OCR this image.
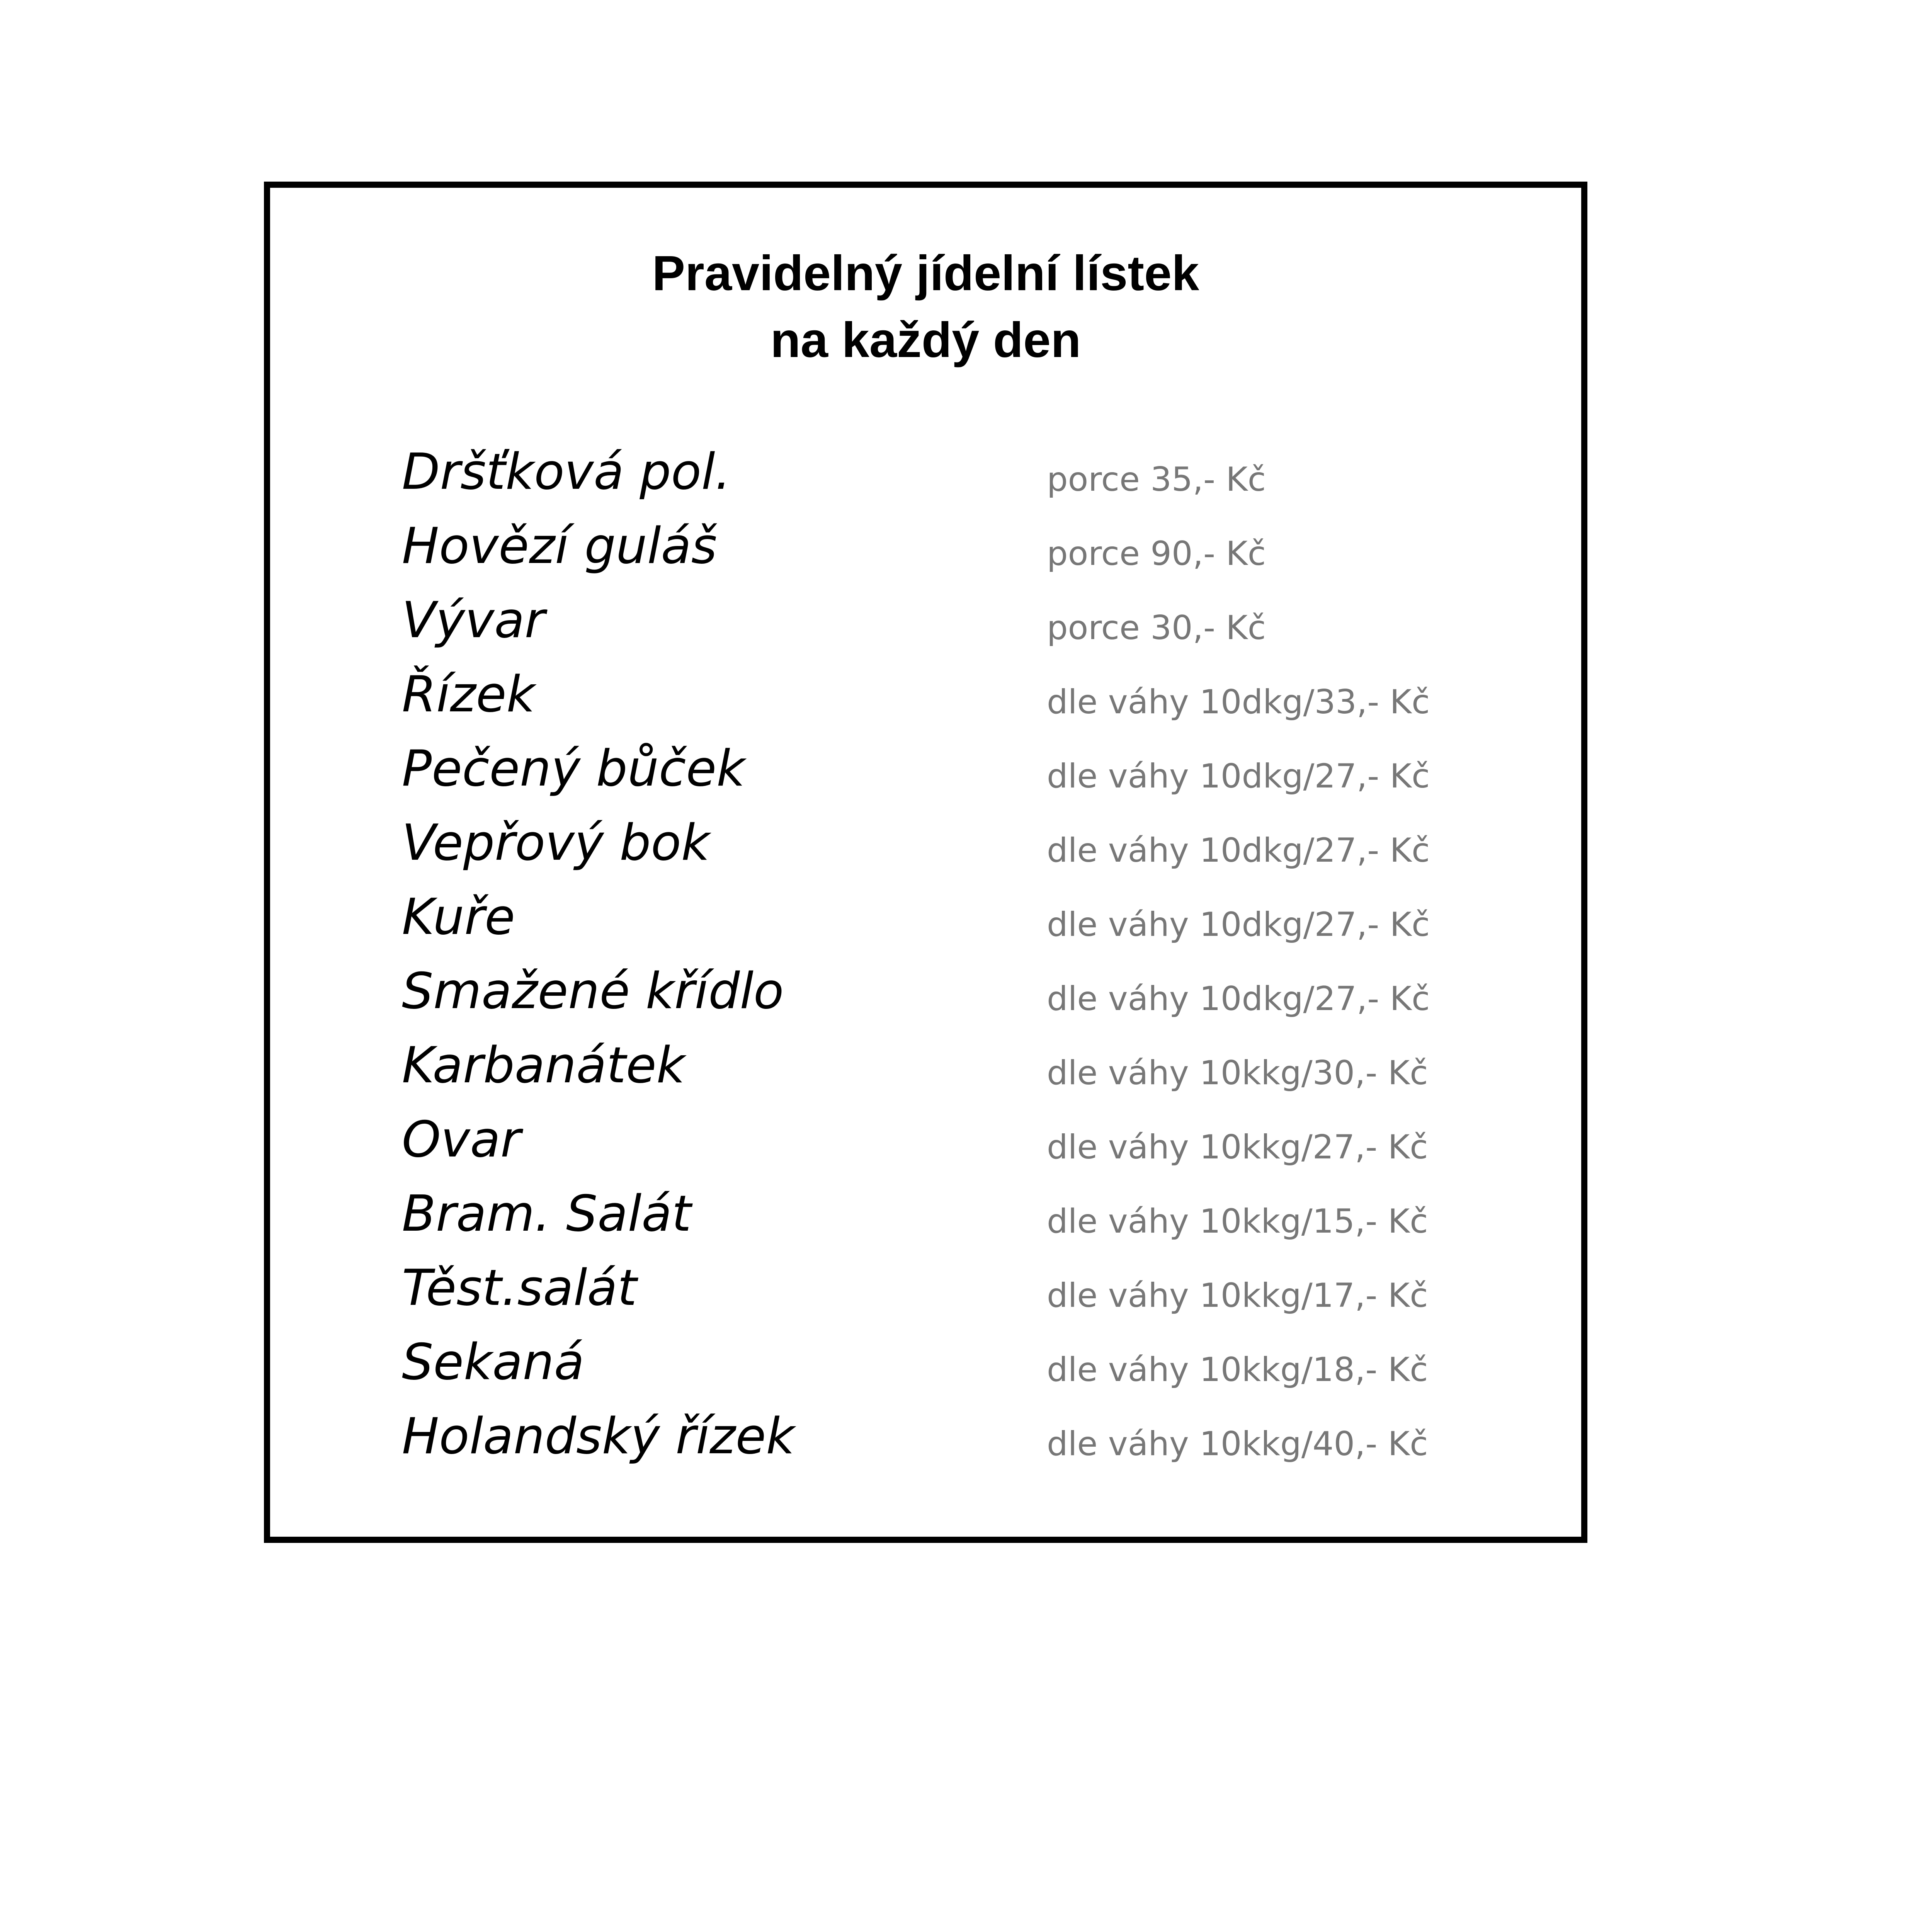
Pravidelný jídelní lístek
na každý den
Dršťková pol.	porce 35,- Kč
Hovězí guláš	porce 90,- Kč
Vývar	porce 30,- Kč
Řízek	dle váhy 10dkg/33,- Kč
Pečený bůček	dle váhy 10dkg/27,- Kč
Vepřový bok	dle váhy 10dkg/27,- Kč
Kuře	dle váhy 10dkg/27,- Kč
Smažené křídlo	dle váhy 10dkg/27,- Kč
Karbanátek	dle váhy 10kkg/30,- Kč
Ovar	dle váhy 10kkg/27,- Kč
Bram. Salát	dle váhy 10kkg/15,- Kč
Těst.salát	dle váhy 10kkg/17,- Kč
Sekaná	dle váhy 10kkg/18,- Kč
Holandský řízek	dle váhy 10kkg/40,- Kč
